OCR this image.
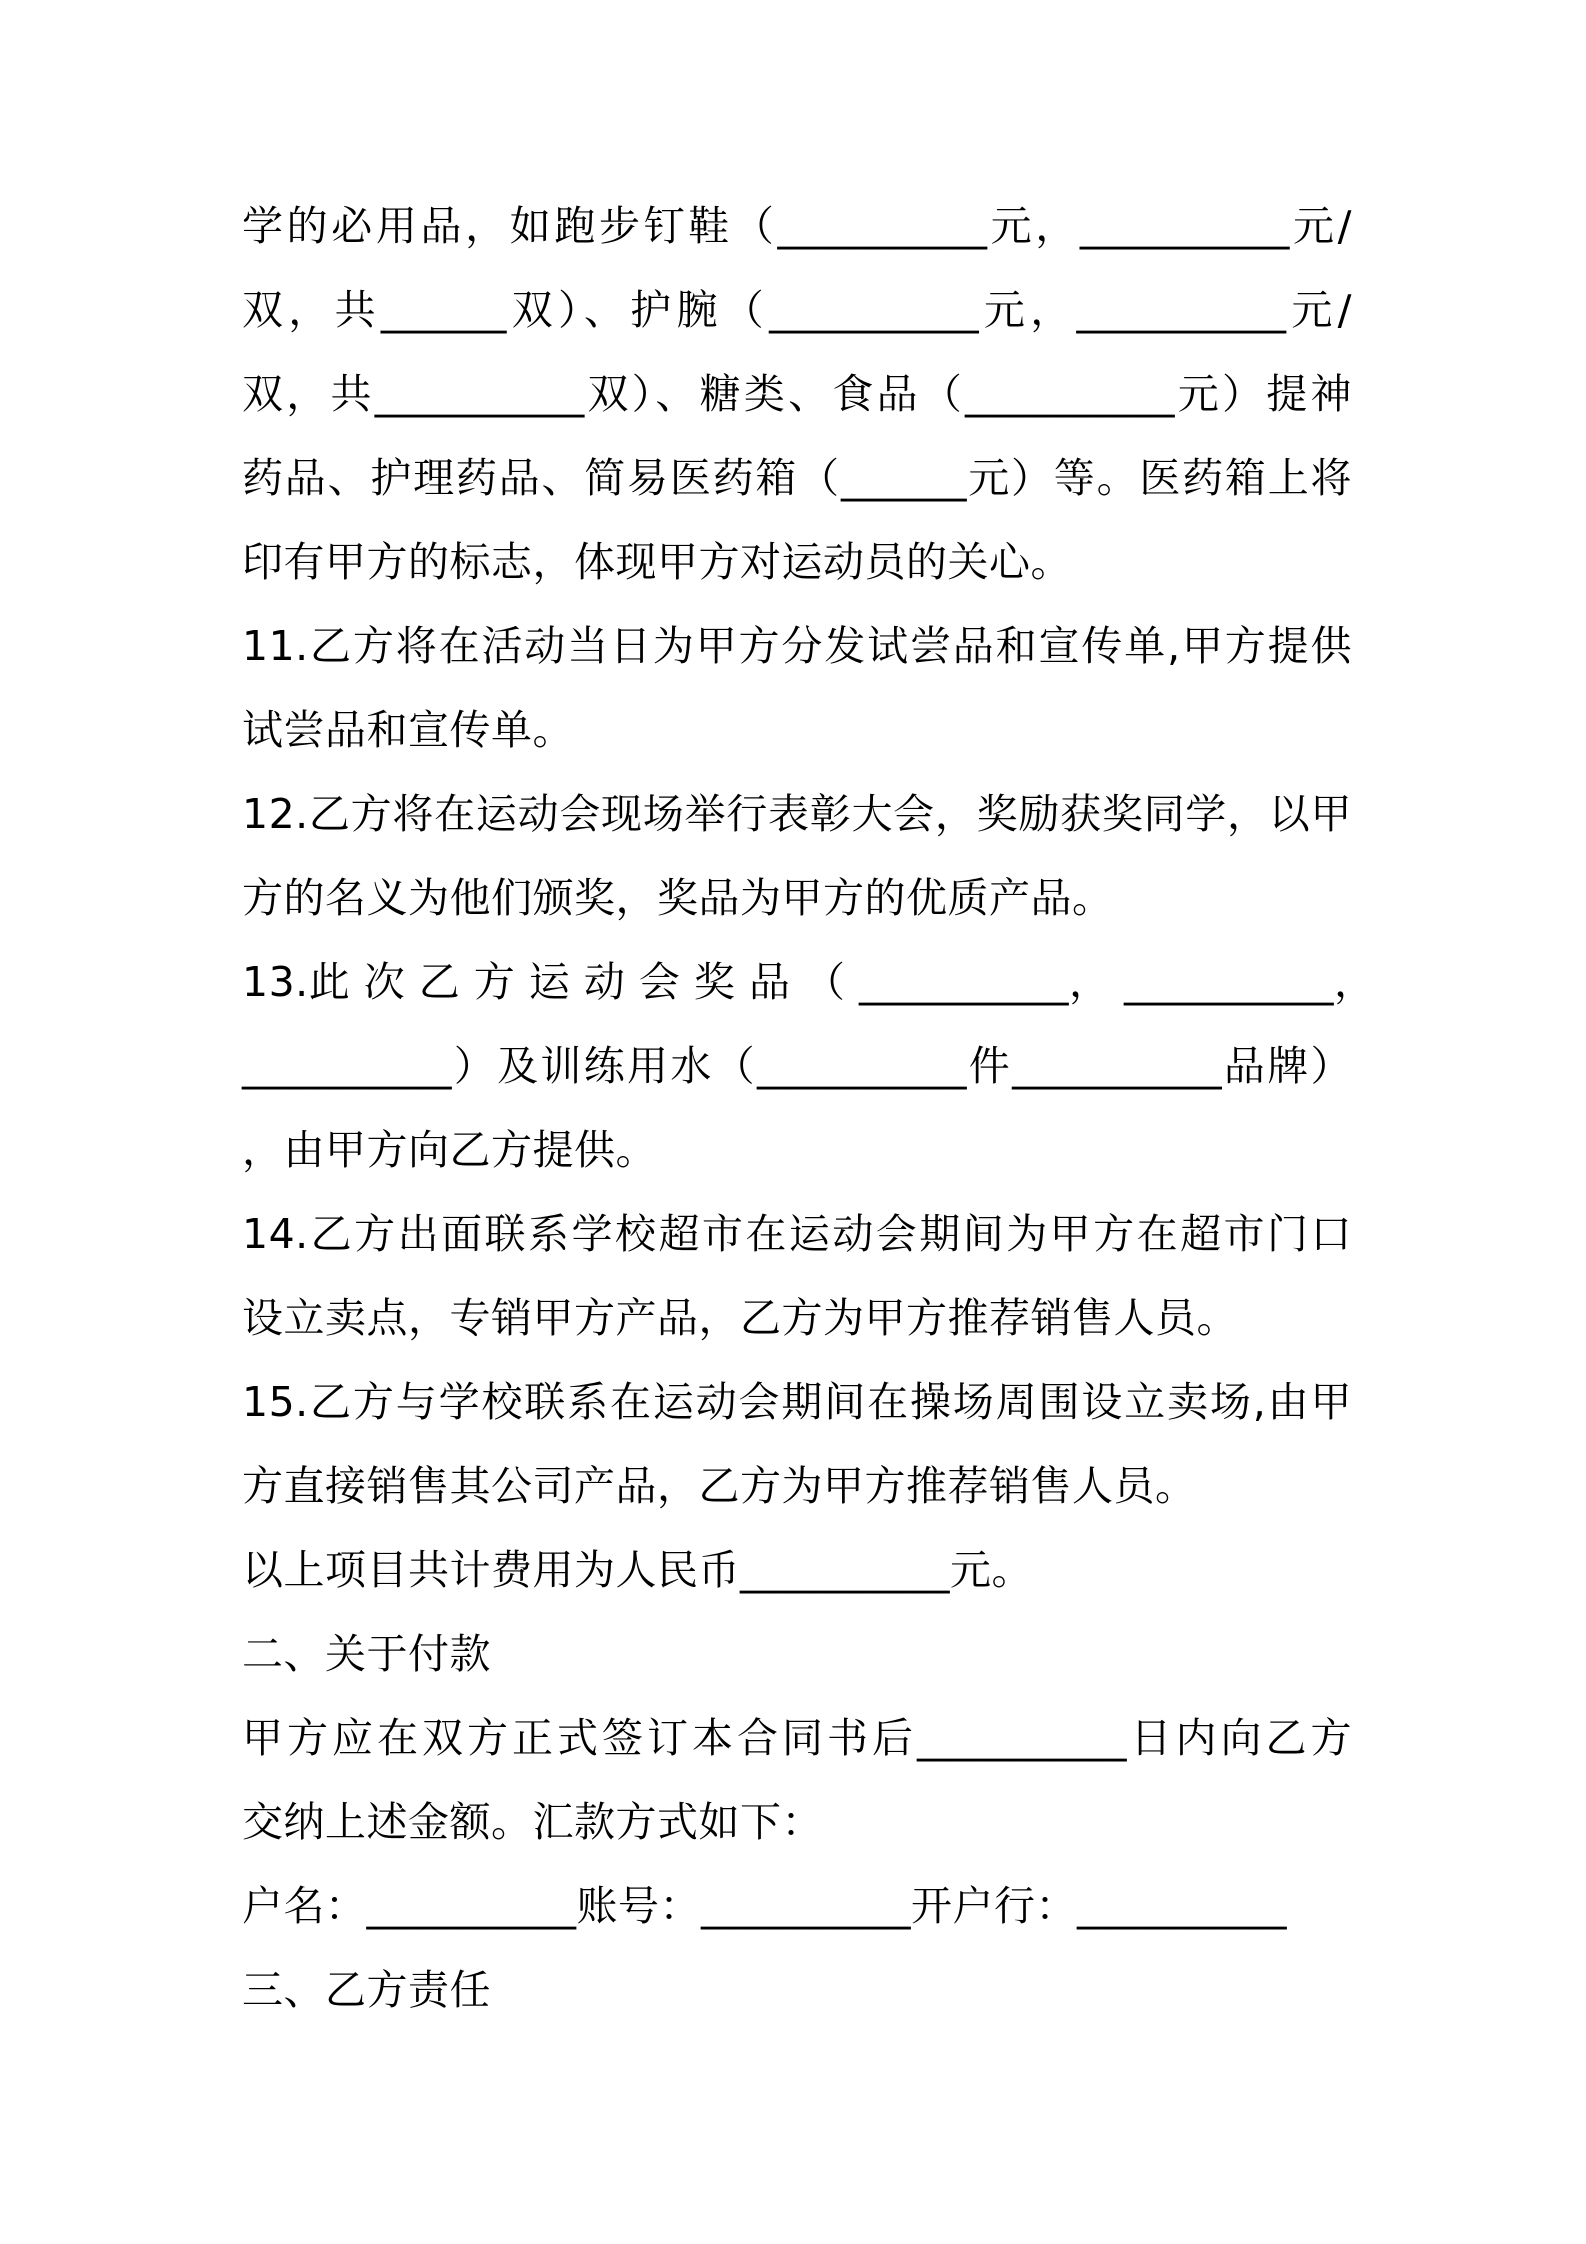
学的必用品，如跑步钉鞋（__________元，__________元/
双，共______双）、护腕（__________元，__________元/
双，共__________双）、糖类、食品（__________元）提神
药品、护理药品、简易医药箱（______元）等。医药箱上将
印有甲方的标志，体现甲方对运动员的关心。
11.乙方将在活动当日为甲方分发试尝品和宣传单,甲方提供
试尝品和宣传单。
12.乙方将在运动会现场举行表彰大会，奖励获奖同学，以甲
方的名义为他们颁奖，奖品为甲方的优质产品。
13.此 次 乙 方 运 动 会 奖 品 （ __________， __________，
__________）及训练用水（__________件__________品牌）
，由甲方向乙方提供。
14.乙方出面联系学校超市在运动会期间为甲方在超市门口
设立卖点，专销甲方产品，乙方为甲方推荐销售人员。
15.乙方与学校联系在运动会期间在操场周围设立卖场,由甲
方直接销售其公司产品，乙方为甲方推荐销售人员。
以上项目共计费用为人民币__________元。
二、关于付款
甲方应在双方正式签订本合同书后__________日内向乙方
交纳上述金额。汇款方式如下：
户名：__________账号：__________开户行：__________
三、乙方责任
